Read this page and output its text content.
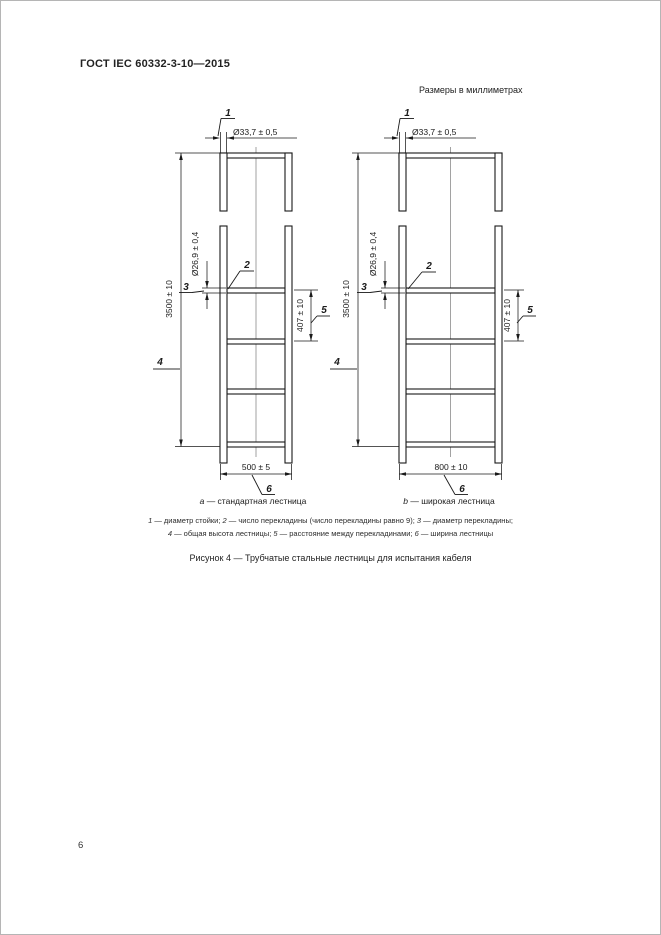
ГОСТ IEC 60332-3-10—2015
Размеры в миллиметрах
Ø33,7 ± 0,5
3500 ± 10
Ø26,9 ± 0,4
407 ± 10
500 ± 5
1
2
3
4
5
6
a — стандартная лестница
Ø33,7 ± 0,5
3500 ± 10
Ø26,9 ± 0,4
407 ± 10
800 ± 10
1
2
3
4
5
6
b — широкая лестница
1 — диаметр стойки; 2 — число перекладины (число перекладины равно 9); 3 — диаметр перекладины;
4 — общая высота лестницы; 5 — расстояние между перекладинами; 6 — ширина лестницы
Рисунок 4 — Трубчатые стальные лестницы для испытания кабеля
6
